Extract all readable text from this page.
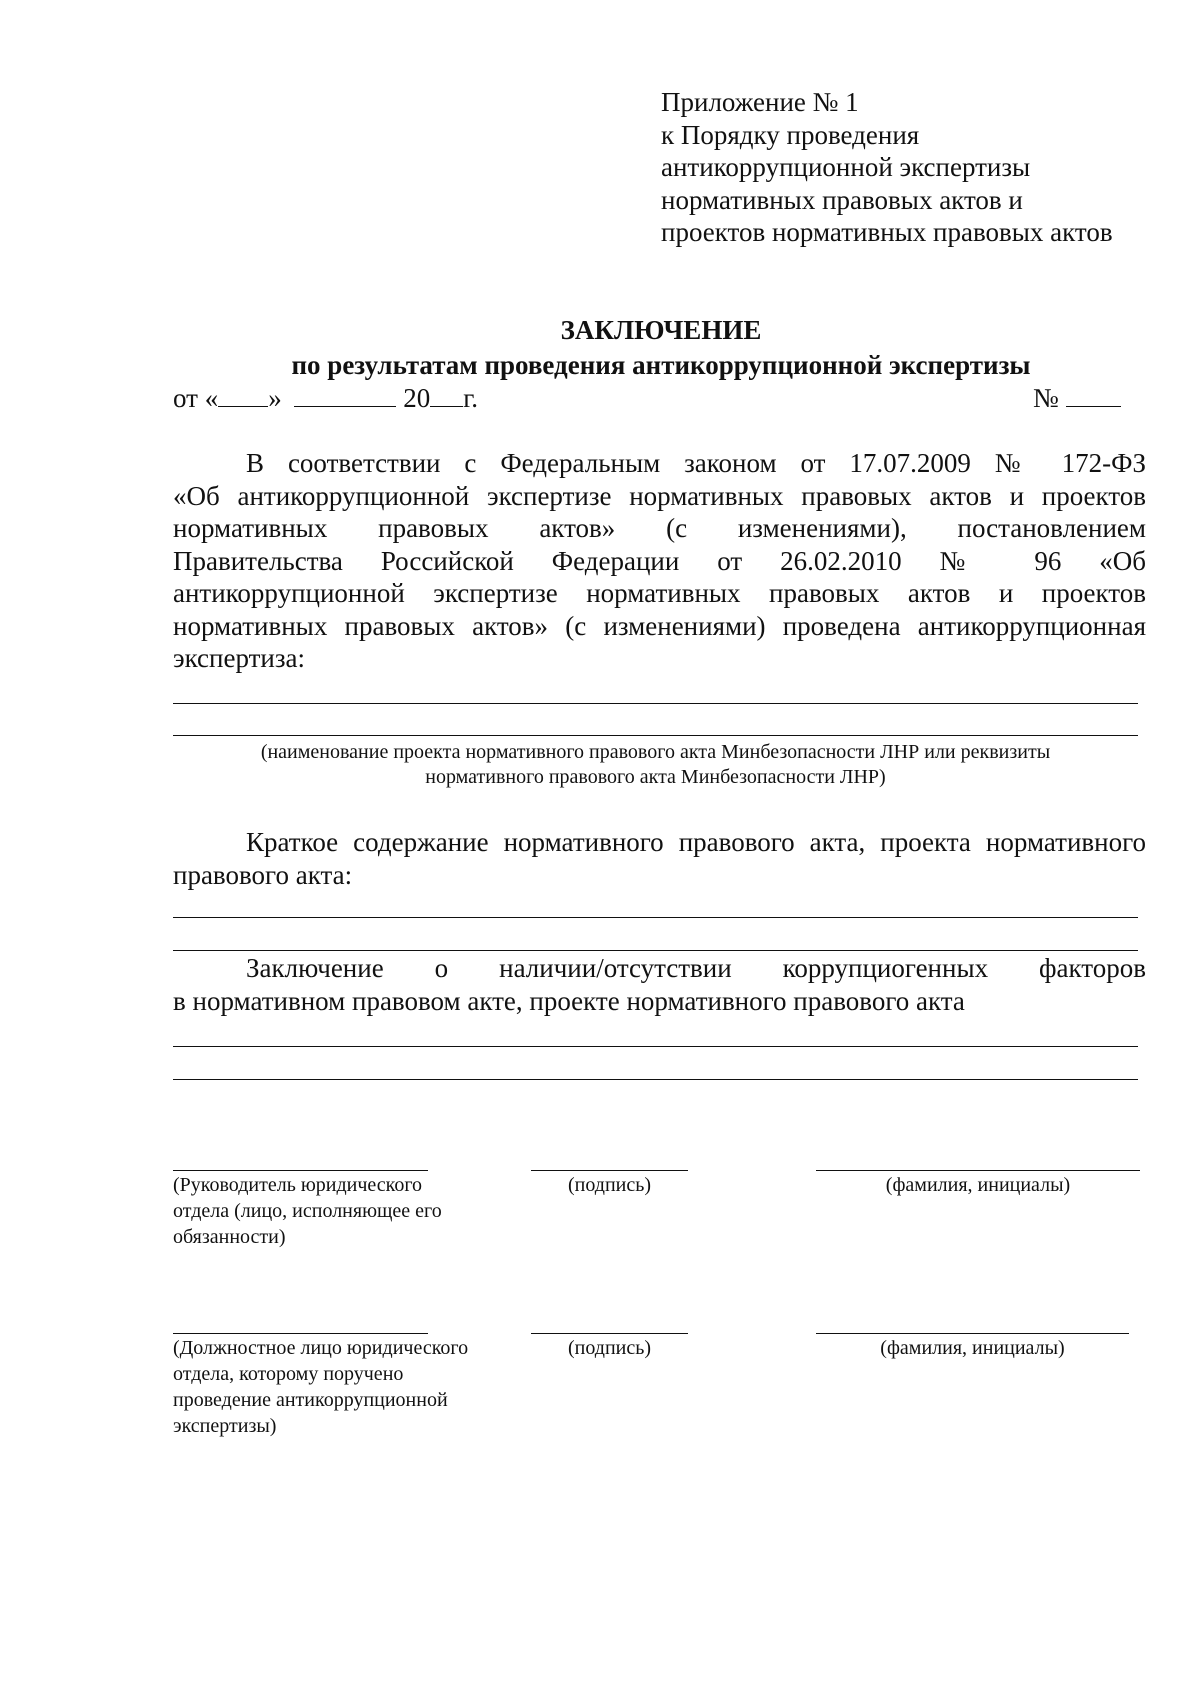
Приложение № 1
к Порядку проведения
антикоррупционной экспертизы
нормативных правовых актов и
проектов нормативных правовых актов
ЗАКЛЮЧЕНИЕ
по результатам проведения антикоррупционной экспертизы
от « »	20 г.	№
В соответствии с Федеральным законом от 17.07.2009 № 172-ФЗ
«Об антикоррупционной экспертизе нормативных правовых актов и проектов
нормативных правовых актов» (с изменениями), постановлением
Правительства Российской Федерации от 26.02.2010 № 96 «Об
антикоррупционной экспертизе нормативных правовых актов и проектов
нормативных правовых актов» (с изменениями) проведена антикоррупционная
экспертиза:
(наименование проекта нормативного правового акта Минбезопасности ЛНР или реквизиты
нормативного правового акта Минбезопасности ЛНР)
Краткое содержание нормативного правового акта, проекта нормативного
правового акта:
Заключение о наличии/отсутствии коррупциогенных факторов
в нормативном правовом акте, проекте нормативного правового акта
(Руководитель юридического
отдела (лицо, исполняющее его
обязанности)
(подпись)	(фамилия, инициалы)
(Должностное лицо юридического
отдела, которому поручено
проведение антикоррупционной
экспертизы)
(подпись)	(фамилия, инициалы)
